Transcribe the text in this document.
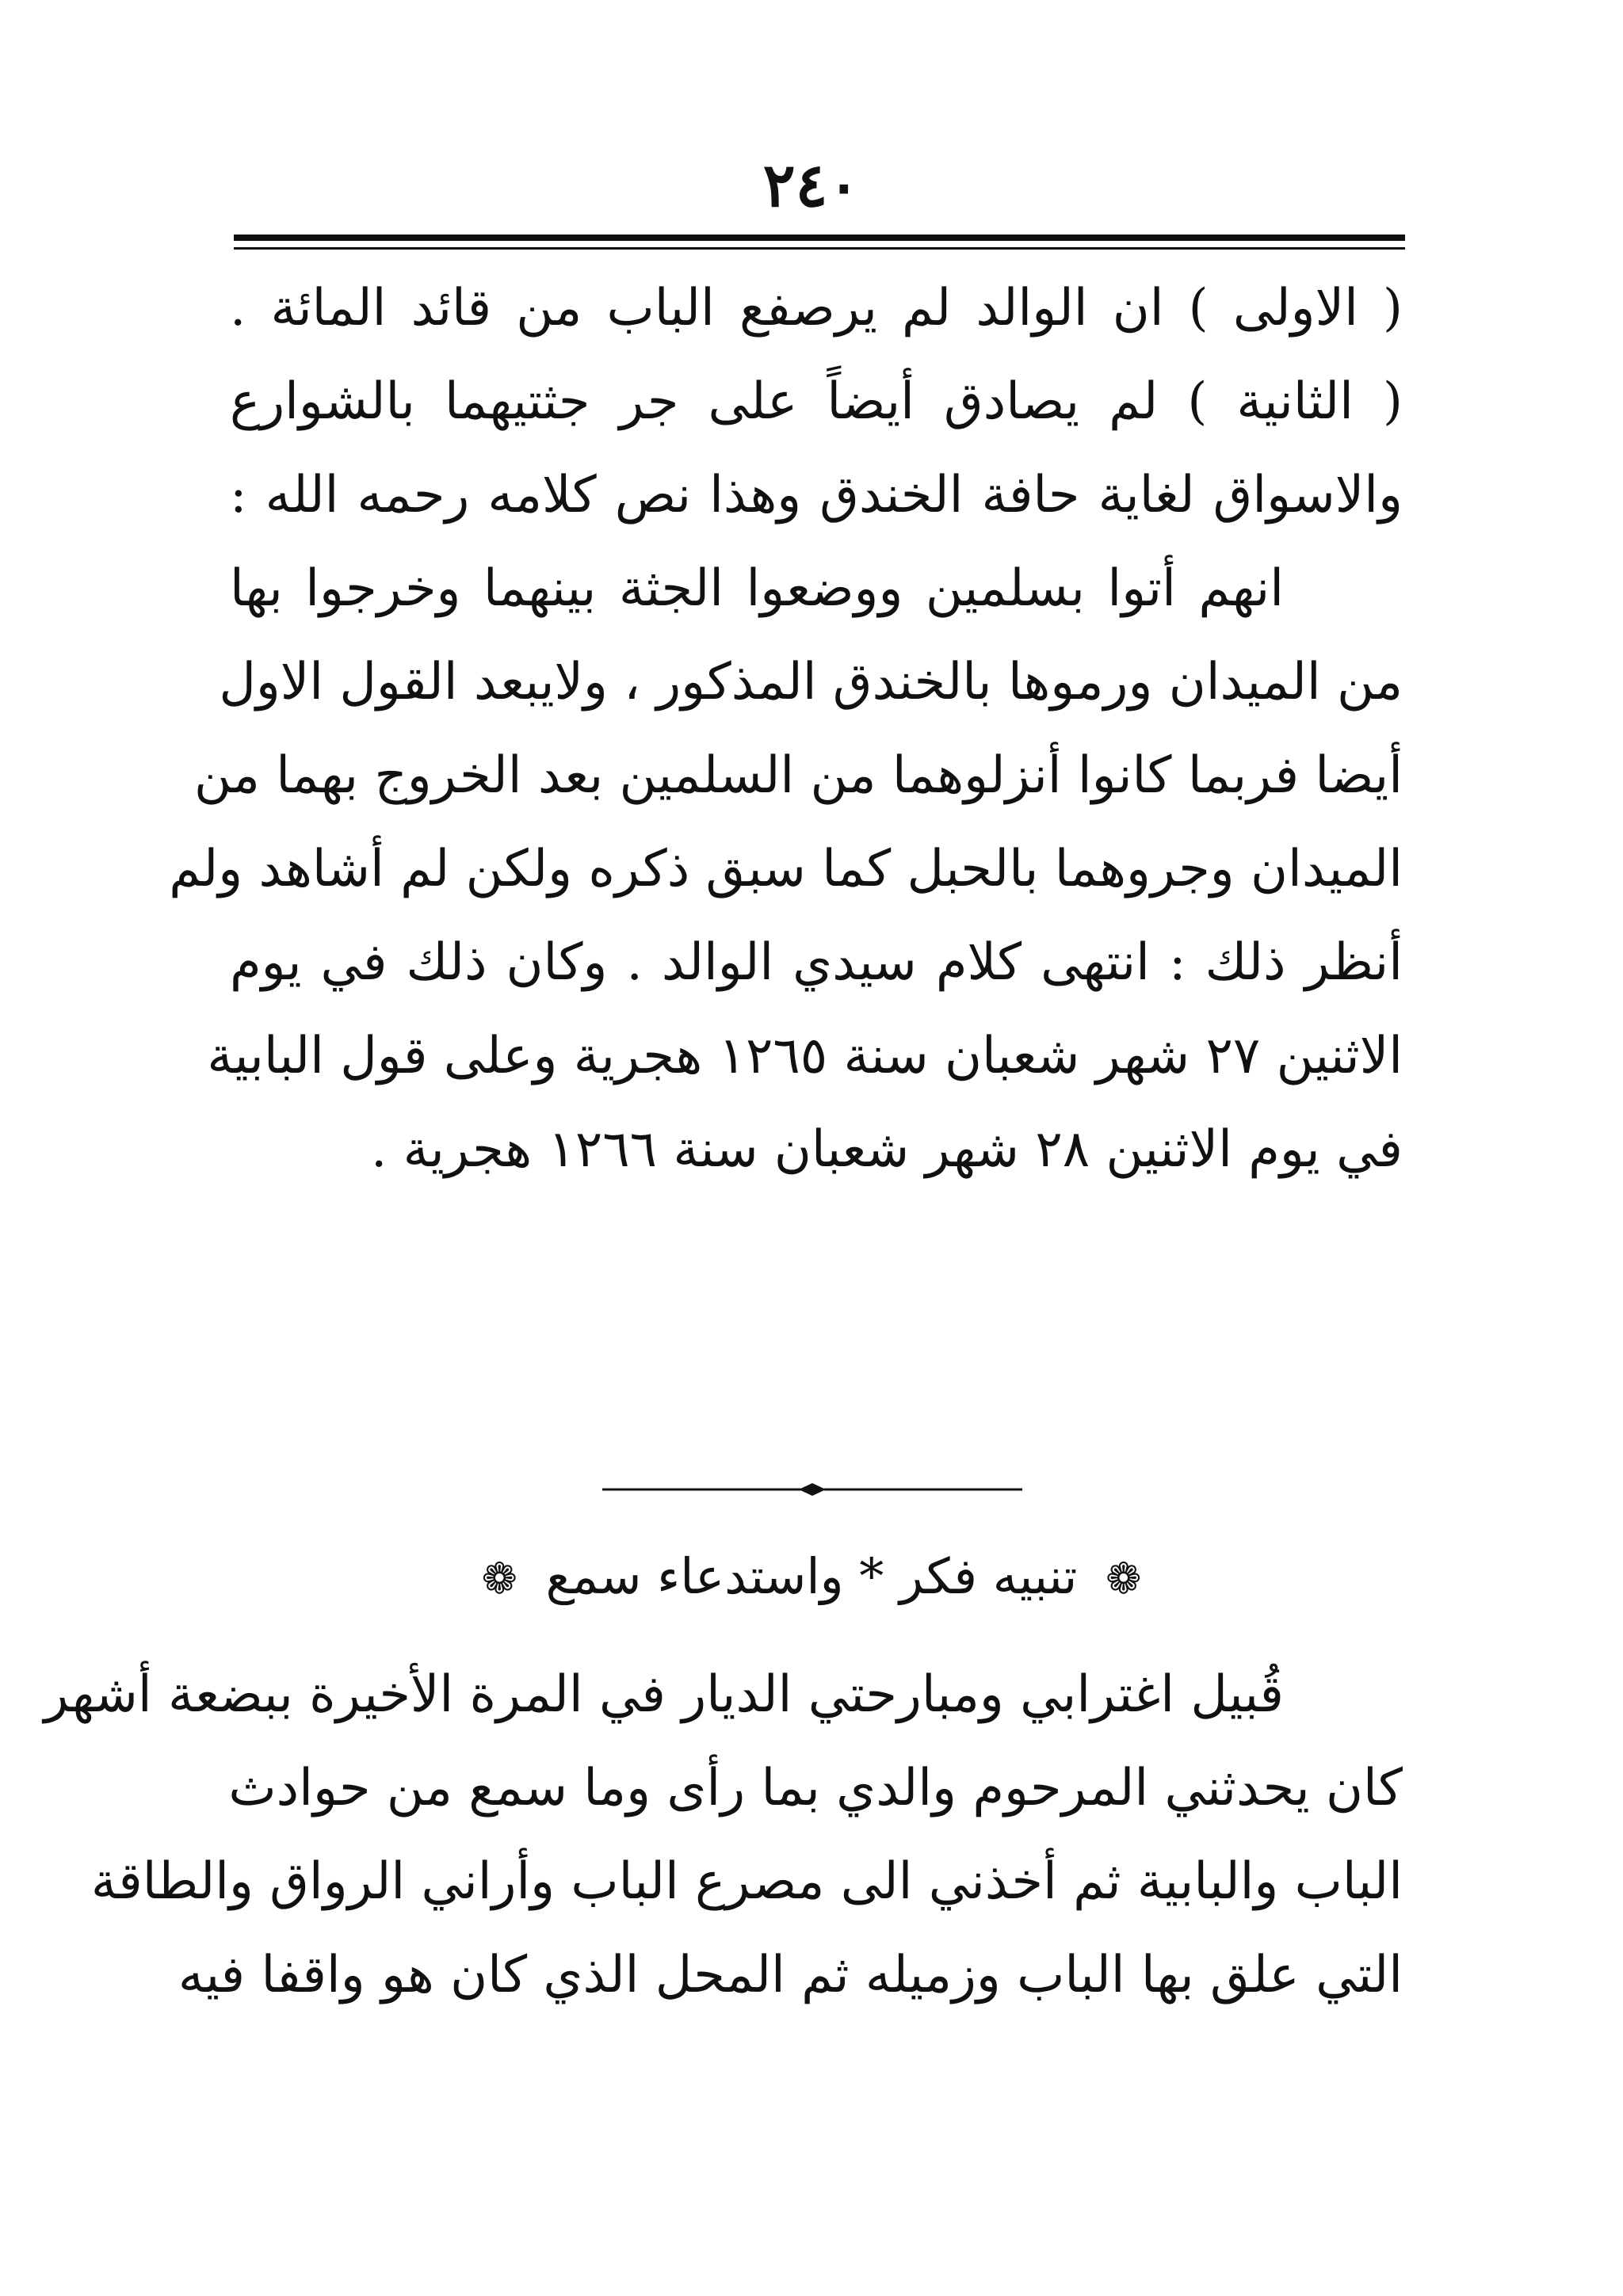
٢٤٠
( الاولى ) ان الوالد لم يرصفع الباب من قائد المائة .
( الثانية ) لم يصادق أيضاً على جر جثتيهما بالشوارع
والاسواق لغاية حافة الخندق وهذا نص كلامه رحمه الله :
انهم أتوا بسلمين ووضعوا الجثة بينهما وخرجوا بها
من الميدان ورموها بالخندق المذكور ، ولايبعد القول الاول
أيضا فربما كانوا أنزلوهما من السلمين بعد الخروج بهما من
الميدان وجروهما بالحبل كما سبق ذكره ولكن لم أشاهد ولم
أنظر ذلك : انتهى كلام سيدي الوالد . وكان ذلك في يوم
الاثنين ٢٧ شهر شعبان سنة ١٢٦٥ هجرية وعلى قول البابية
في يوم الاثنين ٢٨ شهر شعبان سنة ١٢٦٦ هجرية .
❁ تنبيه فكر * واستدعاء سمع ❁
قُبيل اغترابي ومبارحتي الديار في المرة الأخيرة ببضعة أشهر
كان يحدثني المرحوم والدي بما رأى وما سمع من حوادث
الباب والبابية ثم أخذني الى مصرع الباب وأراني الرواق والطاقة
التي علق بها الباب وزميله ثم المحل الذي كان هو واقفا فيه
